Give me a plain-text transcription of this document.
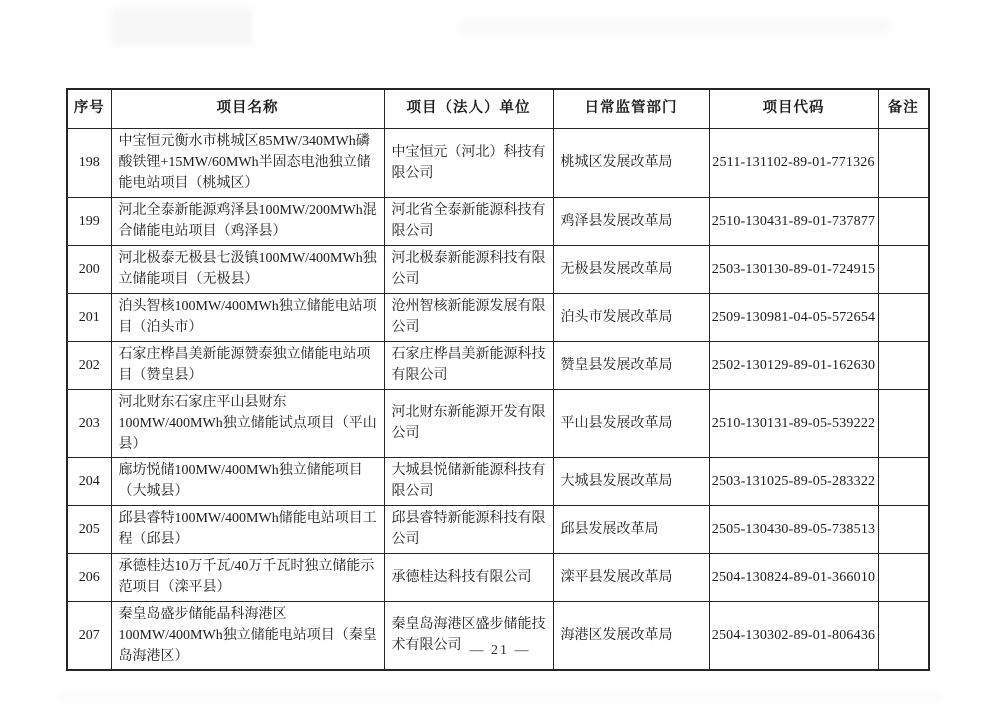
序号	项目名称	项目（法人）单位	日常监管部门	项目代码	备注
198	中宝恒元衡水市桃城区85MW/340MWh磷酸铁锂+15MW/60MWh半固态电池独立储能电站项目（桃城区）	中宝恒元（河北）科技有限公司	桃城区发展改革局	2511-131102-89-01-771326	
199	河北全泰新能源鸡泽县100MW/200MWh混合储能电站项目（鸡泽县）	河北省全泰新能源科技有限公司	鸡泽县发展改革局	2510-130431-89-01-737877	
200	河北极泰无极县七汲镇100MW/400MWh独立储能项目（无极县）	河北极泰新能源科技有限公司	无极县发展改革局	2503-130130-89-01-724915	
201	泊头智核100MW/400MWh独立储能电站项目（泊头市）	沧州智核新能源发展有限公司	泊头市发展改革局	2509-130981-04-05-572654	
202	石家庄桦昌美新能源赞泰独立储能电站项目（赞皇县）	石家庄桦昌美新能源科技有限公司	赞皇县发展改革局	2502-130129-89-01-162630	
203	河北财东石家庄平山县财东100MW/400MWh独立储能试点项目（平山县）	河北财东新能源开发有限公司	平山县发展改革局	2510-130131-89-05-539222	
204	廊坊悦储100MW/400MWh独立储能项目（大城县）	大城县悦储新能源科技有限公司	大城县发展改革局	2503-131025-89-05-283322	
205	邱县睿特100MW/400MWh储能电站项目工程（邱县）	邱县睿特新能源科技有限公司	邱县发展改革局	2505-130430-89-05-738513	
206	承德桂达10万千瓦/40万千瓦时独立储能示范项目（滦平县）	承德桂达科技有限公司	滦平县发展改革局	2504-130824-89-01-366010	
207	秦皇岛盛步储能晶科海港区100MW/400MWh独立储能电站项目（秦皇岛海港区）	秦皇岛海港区盛步储能技术有限公司	海港区发展改革局	2504-130302-89-01-806436	
— 21 —
